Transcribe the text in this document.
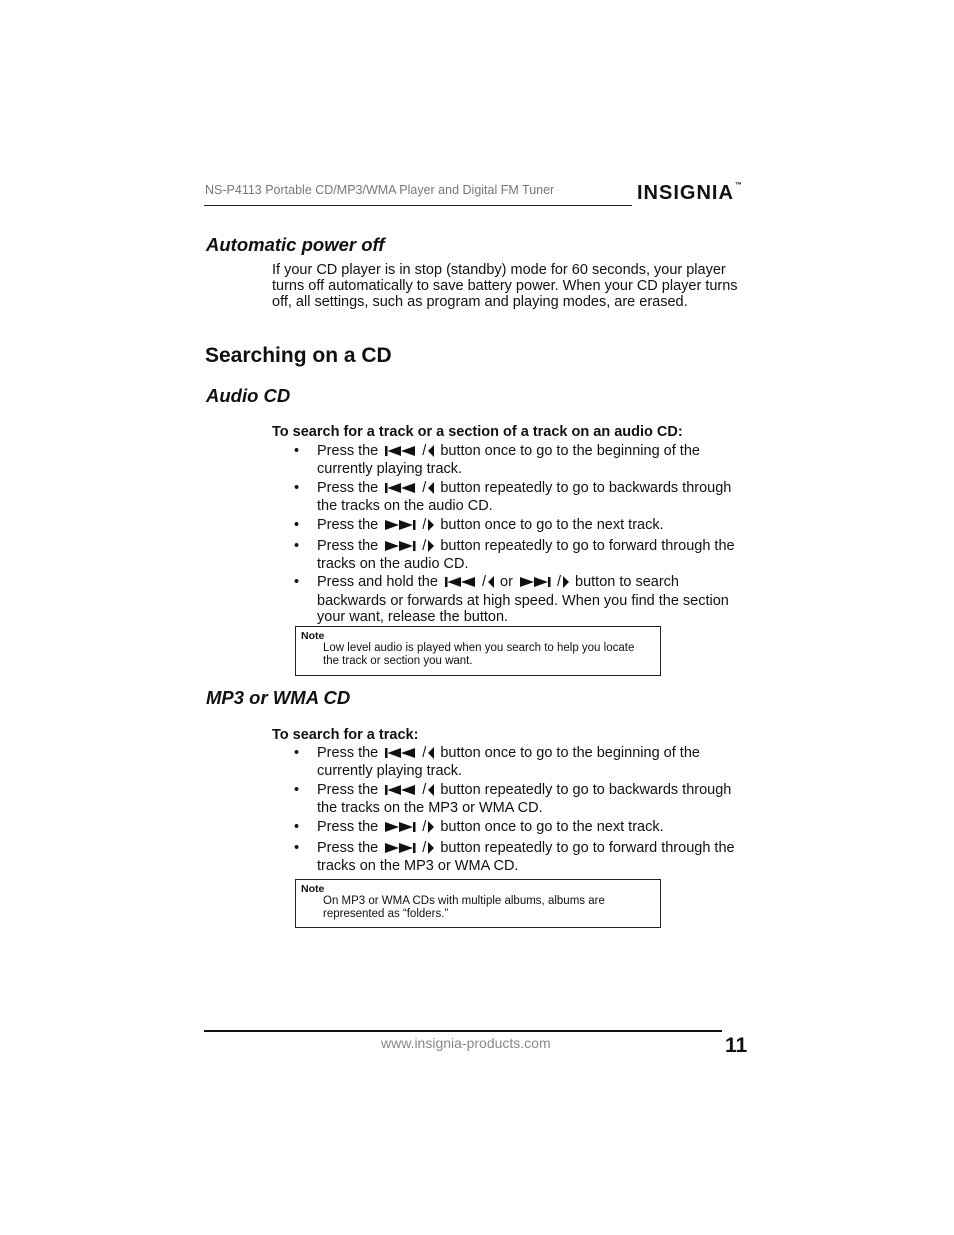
NS-P4113 Portable CD/MP3/WMA Player and Digital FM Tuner	INSIGNIA™
Automatic power off

If your CD player is in stop (standby) mode for 60 seconds, your player turns off automatically to save battery power. When your CD player turns off, all settings, such as program and playing modes, are erased.

Searching on a CD
Audio CD

To search for a track or a section of a track on an audio CD:

• Press the	/ button once to go to the beginning of the currently playing track.
• Press the	/ button repeatedly to go to backwards through the tracks on the audio CD.
• Press the	/ button once to go to the next track.
• Press the	/ button repeatedly to go to forward through the tracks on the audio CD.
• Press and hold the	/ or	/ button to search backwards or forwards at high speed. When you find the section your want, release the button.
Note
Low level audio is played when you search to help you locate the track or section you want.
MP3 or WMA CD

To search for a track:

• Press the	/ button once to go to the beginning of the currently playing track.
• Press the	/ button repeatedly to go to backwards through the tracks on the MP3 or WMA CD.
• Press the	/ button once to go to the next track.
• Press the	/ button repeatedly to go to forward through the tracks on the MP3 or WMA CD.
Note
On MP3 or WMA CDs with multiple albums, albums are represented as “folders.”
www.insignia-products.com	11
